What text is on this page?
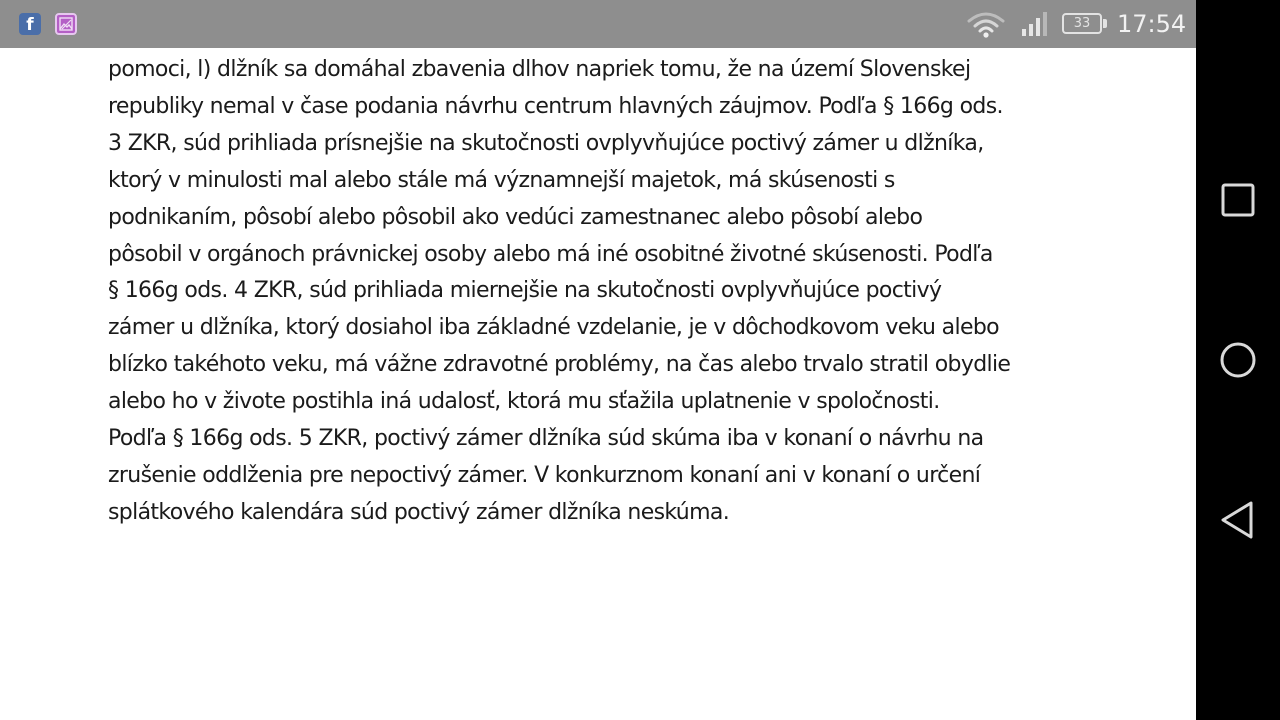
f	33	17:54

pomoci, l) dlžník sa domáhal zbavenia dlhov napriek tomu, že na území Slovenskej
republiky nemal v čase podania návrhu centrum hlavných záujmov. Podľa § 166g ods.
3 ZKR, súd prihliada prísnejšie na skutočnosti ovplyvňujúce poctivý zámer u dlžníka,
ktorý v minulosti mal alebo stále má významnejší majetok, má skúsenosti s
podnikaním, pôsobí alebo pôsobil ako vedúci zamestnanec alebo pôsobí alebo
pôsobil v orgánoch právnickej osoby alebo má iné osobitné životné skúsenosti. Podľa
§ 166g ods. 4 ZKR, súd prihliada miernejšie na skutočnosti ovplyvňujúce poctivý
zámer u dlžníka, ktorý dosiahol iba základné vzdelanie, je v dôchodkovom veku alebo
blízko takéhoto veku, má vážne zdravotné problémy, na čas alebo trvalo stratil obydlie
alebo ho v živote postihla iná udalosť, ktorá mu sťažila uplatnenie v spoločnosti.
Podľa § 166g ods. 5 ZKR, poctivý zámer dlžníka súd skúma iba v konaní o návrhu na
zrušenie oddlženia pre nepoctivý zámer. V konkurznom konaní ani v konaní o určení
splátkového kalendára súd poctivý zámer dlžníka neskúma.
